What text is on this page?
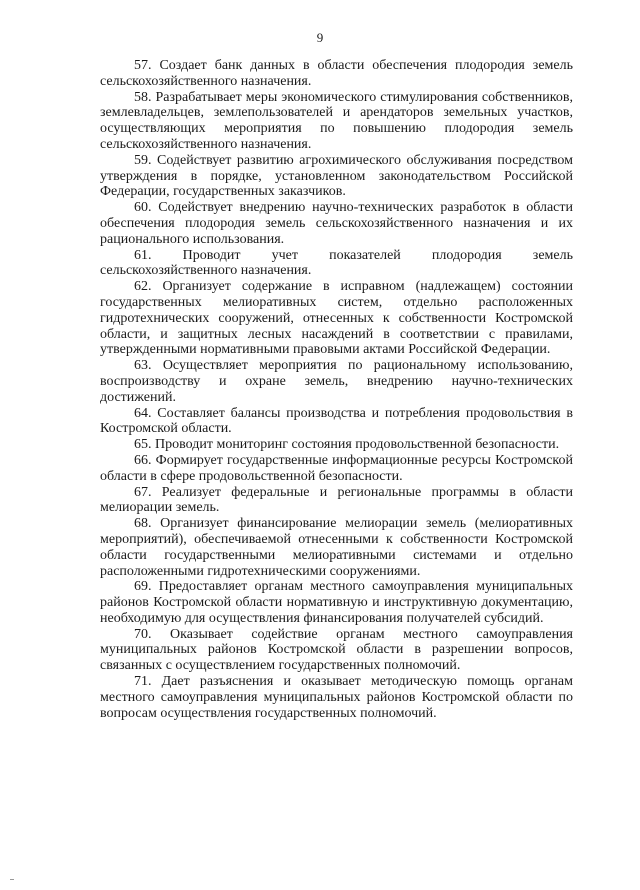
9

57. Создает банк данных в области обеспечения плодородия земель сельскохозяйственного назначения.

58. Разрабатывает меры экономического стимулирования собственников, землевладельцев, землепользователей и арендаторов земельных участков, осуществляющих мероприятия по повышению плодородия земель сельскохозяйственного назначения.

59. Содействует развитию агрохимического обслуживания посредством утверждения в порядке, установленном законодательством Российской Федерации, государственных заказчиков.

60. Содействует внедрению научно-технических разработок в области обеспечения плодородия земель сельскохозяйственного назначения и их рационального использования.

61. Проводит учет показателей плодородия земель сельскохозяйственного назначения.

62. Организует содержание в исправном (надлежащем) состоянии государственных мелиоративных систем, отдельно расположенных гидротехнических сооружений, отнесенных к собственности Костромской области, и защитных лесных насаждений в соответствии с правилами, утвержденными нормативными правовыми актами Российской Федерации.

63. Осуществляет мероприятия по рациональному использованию, воспроизводству и охране земель, внедрению научно-технических достижений.

64. Составляет балансы производства и потребления продовольствия в Костромской области.

65. Проводит мониторинг состояния продовольственной безопасности.

66. Формирует государственные информационные ресурсы Костромской области в сфере продовольственной безопасности.

67. Реализует федеральные и региональные программы в области мелиорации земель.

68. Организует финансирование мелиорации земель (мелиоративных мероприятий), обеспечиваемой отнесенными к собственности Костромской области государственными мелиоративными системами и отдельно расположенными гидротехническими сооружениями.

69. Предоставляет органам местного самоуправления муниципальных районов Костромской области нормативную и инструктивную документацию, необходимую для осуществления финансирования получателей субсидий.

70. Оказывает содействие органам местного самоуправления муниципальных районов Костромской области в разрешении вопросов, связанных с осуществлением государственных полномочий.

71. Дает разъяснения и оказывает методическую помощь органам местного самоуправления муниципальных районов Костромской области по вопросам осуществления государственных полномочий.
